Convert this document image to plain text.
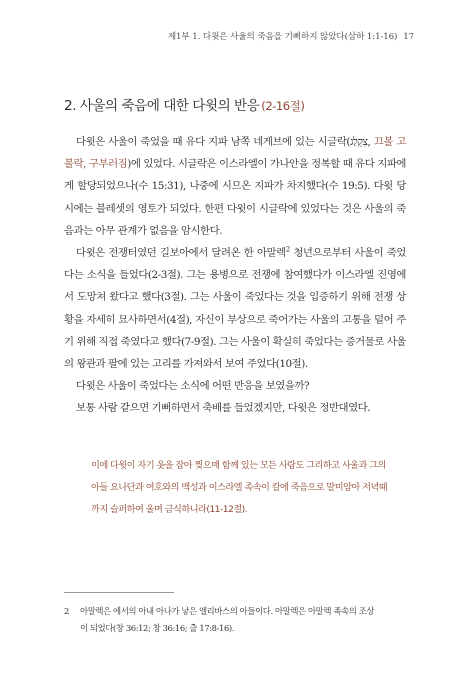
제1부 1. 다윗은 사울의 죽음을 기뻐하지 않았다(삼하 1:1-16) 17
2. 사울의 죽음에 대한 다윗의 반응 (2-16절)

다윗은 사울이 죽었을 때 유다 지파 남쪽 네게브에 있는 시글락(צִקְלַג, 끄볼 고볼락, 구부러짐)에 있었다. 시글락은 이스라엘이 가나안을 정복할 때 유다 지파에게 할당되었으나(수 15:31), 나중에 시므온 지파가 차지했다(수 19:5). 다윗 당시에는 블레셋의 영토가 되었다. 한편 다윗이 시글락에 있었다는 것은 사울의 죽음과는 아무 관계가 없음을 암시한다.

다윗은 전쟁터였던 길보아에서 달려온 한 아말렉$^2$ 청년으로부터 사울이 죽었다는 소식을 들었다(2-3절). 그는 용병으로 전쟁에 참여했다가 이스라엘 진영에서 도망쳐 왔다고 했다(3절). 그는 사울이 죽었다는 것을 입증하기 위해 전쟁 상황을 자세히 묘사하면서(4절), 자신이 부상으로 죽어가는 사울의 고통을 덜어 주기 위해 직접 죽였다고 했다(7-9절). 그는 사울이 확실히 죽었다는 증거물로 사울의 왕관과 팔에 있는 고리를 가져와서 보여 주었다(10절).

다윗은 사울이 죽었다는 소식에 어떤 반응을 보였을까?

보통 사람 같으면 기뻐하면서 축배를 들었겠지만, 다윗은 정반대였다.

이에 다윗이 자기 옷을 잡아 찢으매 함께 있는 모든 사람도 그리하고 사울과 그의 아들 요나단과 여호와의 백성과 이스라엘 족속이 칼에 죽음으로 말미암아 저녁때까지 슬퍼하여 울며 금식하니라(11-12절).
2 아말렉은 에서의 아내 아나가 낳은 엘리바스의 아들이다. 아말렉은 아말렉 족속의 조상
이 되었다(창 36:12; 창 36:16; 출 17:8-16).
